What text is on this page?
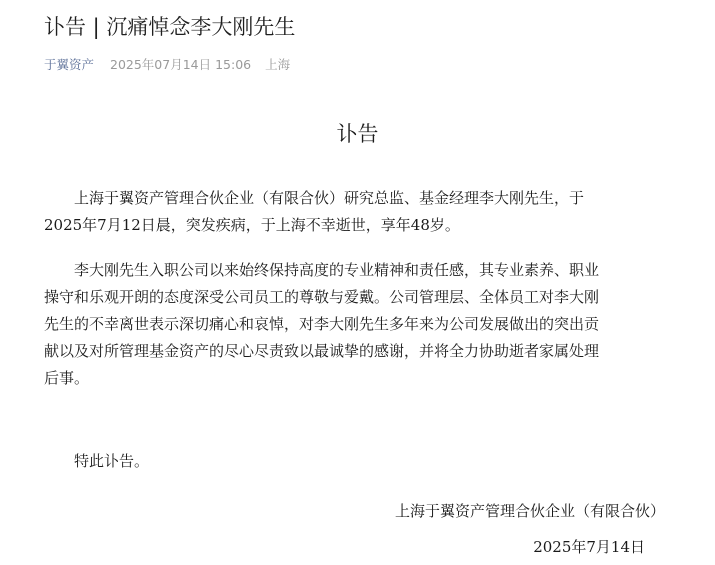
讣告 | 沉痛悼念李大刚先生
于翼资产 2025年07月14日 15:06 上海
讣告
上海于翼资产管理合伙企业（有限合伙）研究总监、基金经理李大刚先生，于
2025年7月12日晨，突发疾病，于上海不幸逝世，享年48岁。
李大刚先生入职公司以来始终保持高度的专业精神和责任感，其专业素养、职业
操守和乐观开朗的态度深受公司员工的尊敬与爱戴。公司管理层、全体员工对李大刚
先生的不幸离世表示深切痛心和哀悼，对李大刚先生多年来为公司发展做出的突出贡
献以及对所管理基金资产的尽心尽责致以最诚挚的感谢，并将全力协助逝者家属处理
后事。
特此讣告。
上海于翼资产管理合伙企业（有限合伙）
2025年7月14日
